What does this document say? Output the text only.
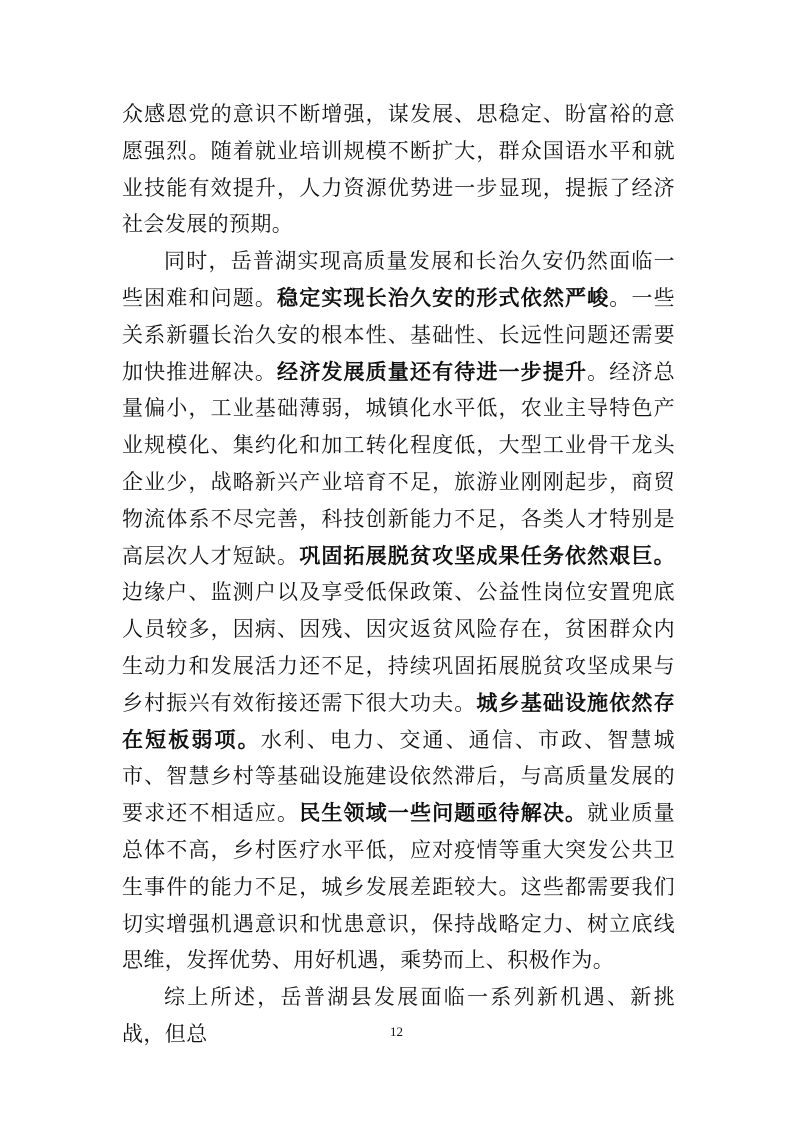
众感恩党的意识不断增强，谋发展、思稳定、盼富裕的意愿强烈。随着就业培训规模不断扩大，群众国语水平和就业技能有效提升，人力资源优势进一步显现，提振了经济社会发展的预期。

同时，岳普湖实现高质量发展和长治久安仍然面临一些困难和问题。稳定实现长治久安的形式依然严峻。一些关系新疆长治久安的根本性、基础性、长远性问题还需要加快推进解决。经济发展质量还有待进一步提升。经济总量偏小，工业基础薄弱，城镇化水平低，农业主导特色产业规模化、集约化和加工转化程度低，大型工业骨干龙头企业少，战略新兴产业培育不足，旅游业刚刚起步，商贸物流体系不尽完善，科技创新能力不足，各类人才特别是高层次人才短缺。巩固拓展脱贫攻坚成果任务依然艰巨。边缘户、监测户以及享受低保政策、公益性岗位安置兜底人员较多，因病、因残、因灾返贫风险存在，贫困群众内生动力和发展活力还不足，持续巩固拓展脱贫攻坚成果与乡村振兴有效衔接还需下很大功夫。城乡基础设施依然存在短板弱项。水利、电力、交通、通信、市政、智慧城市、智慧乡村等基础设施建设依然滞后，与高质量发展的要求还不相适应。民生领域一些问题亟待解决。就业质量总体不高，乡村医疗水平低，应对疫情等重大突发公共卫生事件的能力不足，城乡发展差距较大。这些都需要我们切实增强机遇意识和忧患意识，保持战略定力、树立底线思维，发挥优势、用好机遇，乘势而上、积极作为。

综上所述，岳普湖县发展面临一系列新机遇、新挑战，但总	12
